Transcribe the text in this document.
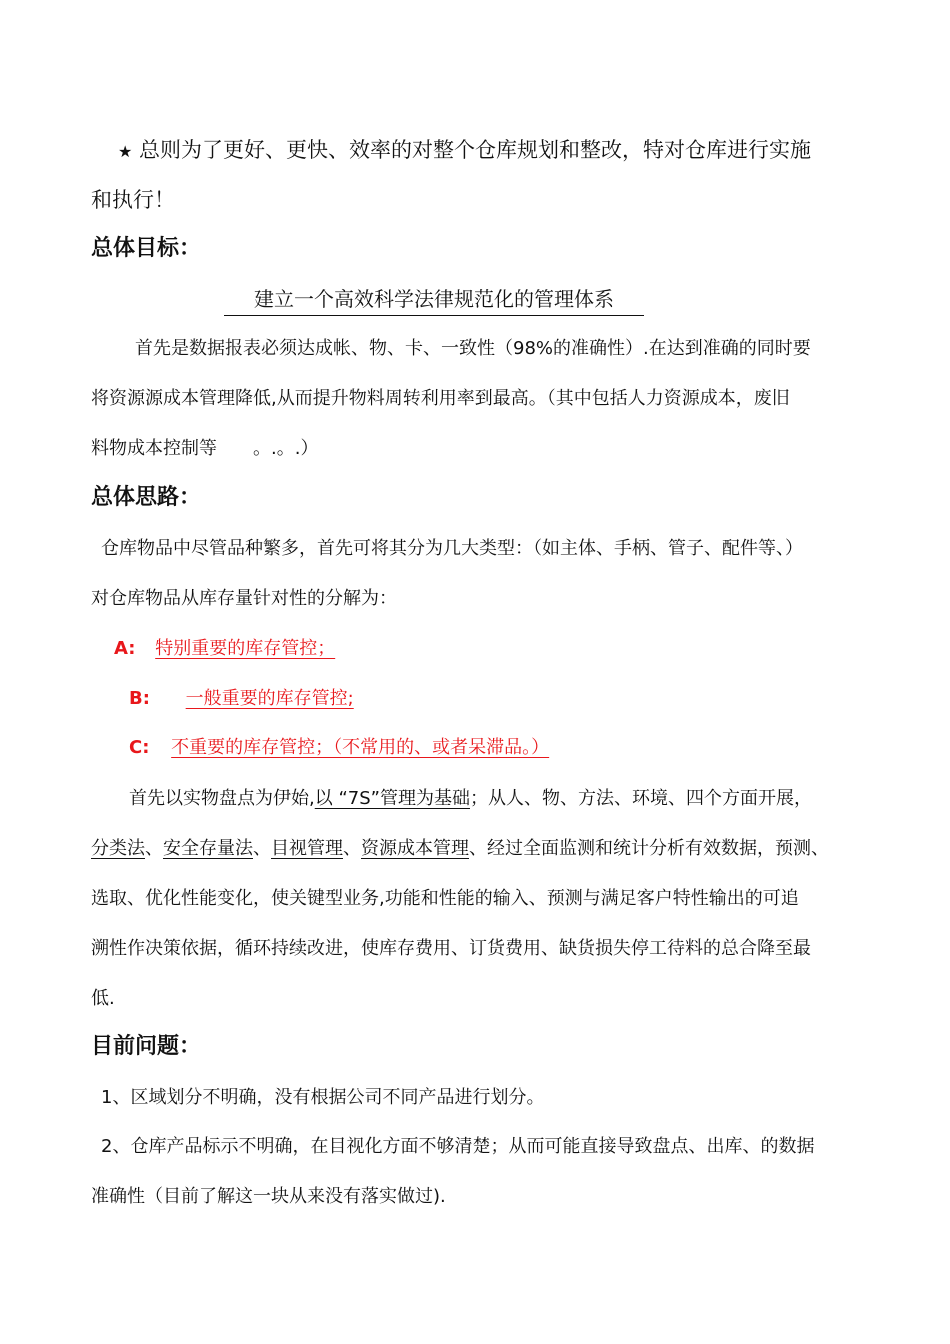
★ 总则为了更好、更快、效率的对整个仓库规划和整改，特对仓库进行实施
和执行！
总体目标：
建立一个高效科学法律规范化的管理体系
首先是数据报表必须达成帐、物、卡、一致性（98%的准确性）.在达到准确的同时要
将资源源成本管理降低,从而提升物料周转利用率到最高。（其中包括人力资源成本，废旧
料物成本控制等　　。.。.）
总体思路：
仓库物品中尽管品种繁多，首先可将其分为几大类型：（如主体、手柄、管子、配件等、）
对仓库物品从库存量针对性的分解为：
A: 特别重要的库存管控；
B: 一般重要的库存管控;
C: 不重要的库存管控；（不常用的、或者呆滞品。）
首先以实物盘点为伊始,以 “7S”管理为基础；从人、物、方法、环境、四个方面开展，
分类法、安全存量法、目视管理、资源成本管理、经过全面监测和统计分析有效数据，预测、
选取、优化性能变化，使关键型业务,功能和性能的输入、预测与满足客户特性输出的可追
溯性作决策依据，循环持续改进，使库存费用、订货费用、缺货损失停工待料的总合降至最
低.
目前问题：
1、区域划分不明确，没有根据公司不同产品进行划分。
2、仓库产品标示不明确，在目视化方面不够清楚；从而可能直接导致盘点、出库、的数据
准确性（目前了解这一块从来没有落实做过).
